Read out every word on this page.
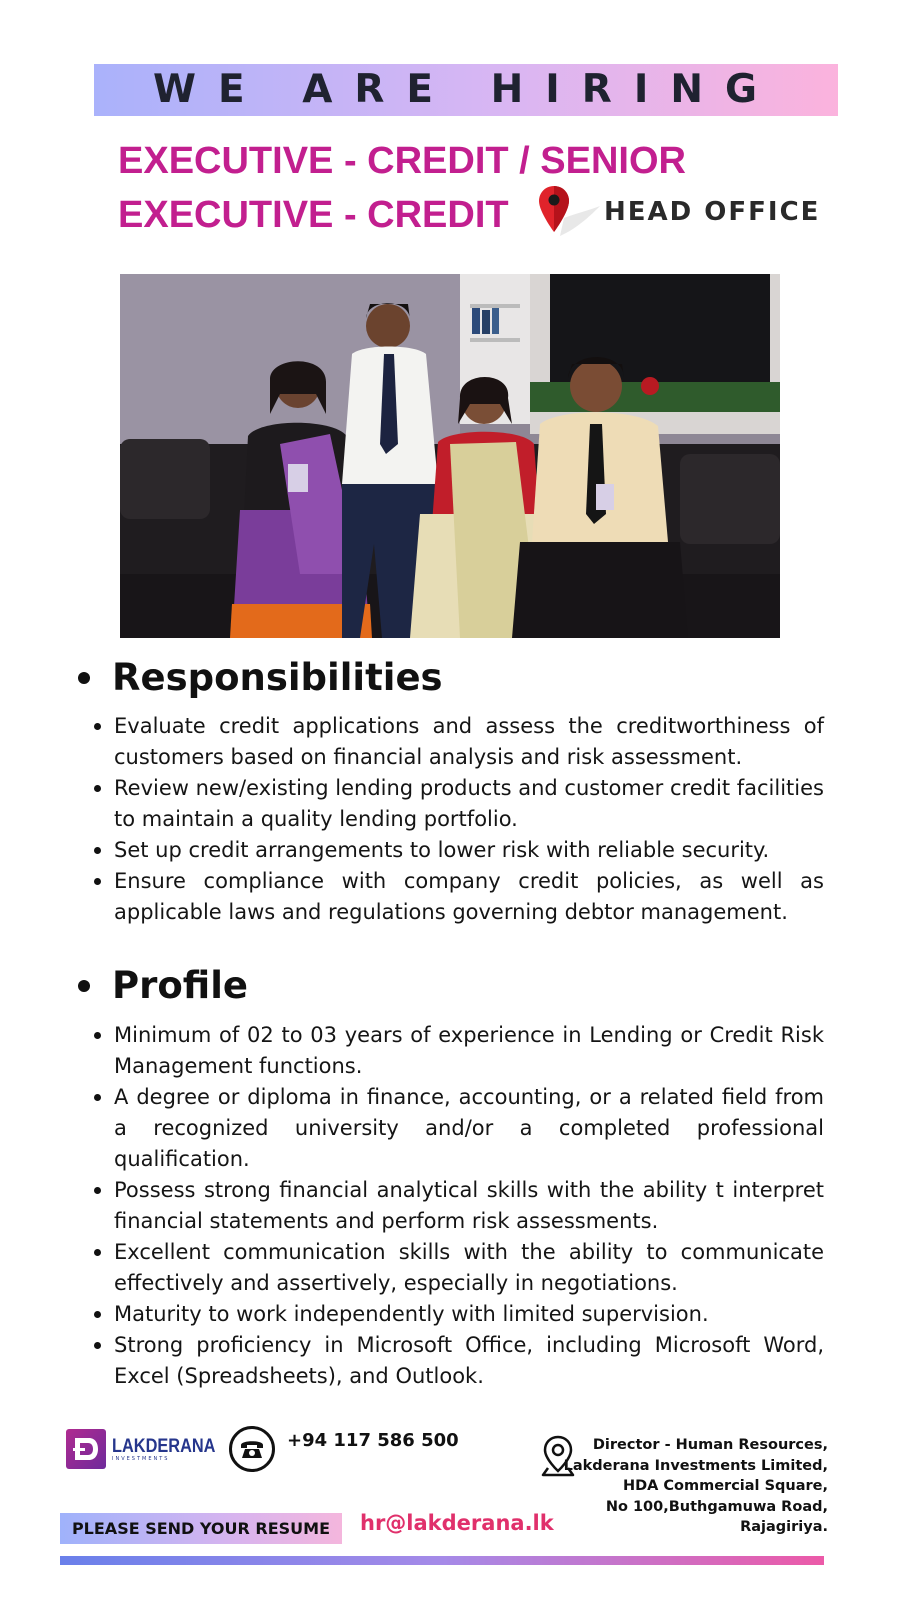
WE ARE HIRING
EXECUTIVE - CREDIT / SENIOR
EXECUTIVE - CREDIT	HEAD OFFICE
Responsibilities
Evaluate credit applications and assess the creditworthiness of customers based on financial analysis and risk assessment.
Review new/existing lending products and customer credit facilities to maintain a quality lending portfolio.
Set up credit arrangements to lower risk with reliable security.
Ensure compliance with company credit policies, as well as applicable laws and regulations governing debtor management.
Profile
Minimum of 02 to 03 years of experience in Lending or Credit Risk Management functions.
A degree or diploma in finance, accounting, or a related field from a recognized university and/or a completed professional qualification.
Possess strong financial analytical skills with the ability t interpret financial statements and perform risk assessments.
Excellent communication skills with the ability to communicate effectively and assertively, especially in negotiations.
Maturity to work independently with limited supervision.
Strong proficiency in Microsoft Office, including Microsoft Word, Excel (Spreadsheets), and Outlook.
LAKDERANA
INVESTMENTS
+94 117 586 500	Director - Human Resources,
Lakderana Investments Limited,
HDA Commercial Square,
No 100,Buthgamuwa Road,
Rajagiriya.
PLEASE SEND YOUR RESUME	hr@lakderana.lk
